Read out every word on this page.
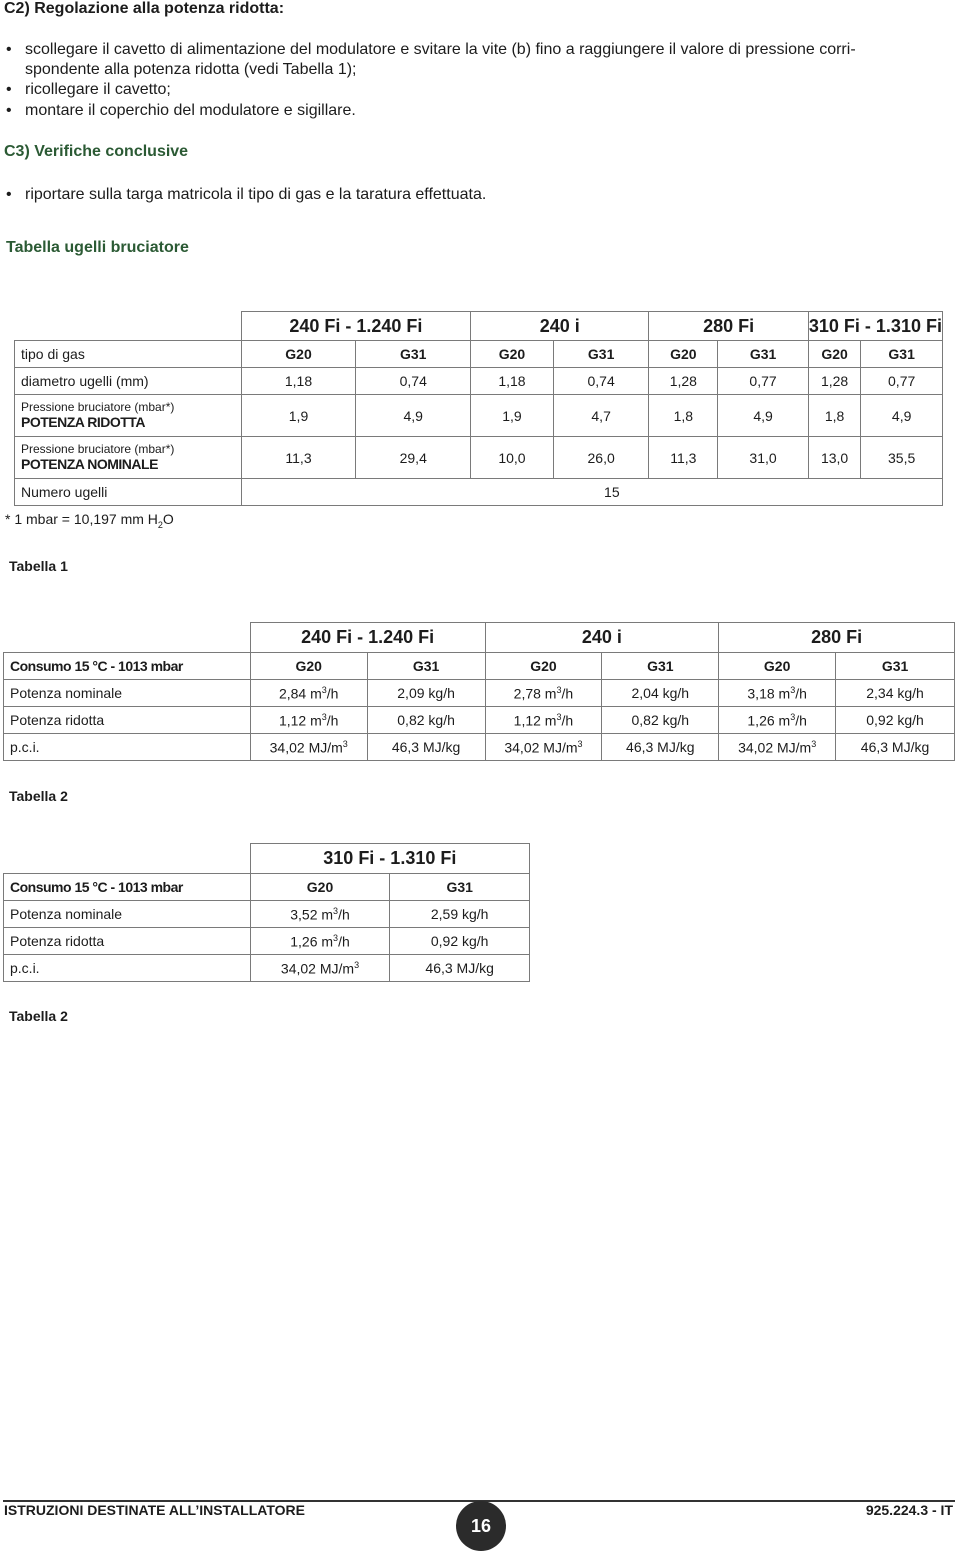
C2) Regolazione alla potenza ridotta:
• scollegare il cavetto di alimentazione del modulatore e svitare la vite (b) fino a raggiungere il valore di pressione corri-
spondente alla potenza ridotta (vedi Tabella 1);
• ricollegare il cavetto;
• montare il coperchio del modulatore e sigillare.
C3) Verifiche conclusive
• riportare sulla targa matricola il tipo di gas e la taratura effettuata.
Tabella ugelli bruciatore
	240 Fi - 1.240 Fi		240 i		280 Fi		310 Fi - 1.310 Fi	
tipo di gas	G20	G31	G20	G31	G20	G31	G20	G31
diametro ugelli (mm)	1,18	0,74	1,18	0,74	1,28	0,77	1,28	0,77

Pressione bruciatore (mbar*)
POTENZA RIDOTTA	1,9	4,9	1,9	4,7	1,8	4,9	1,8	4,9

Pressione bruciatore (mbar*)
POTENZA NOMINALE	11,3	29,4	10,0	26,0	11,3	31,0	13,0	35,5
Numero ugelli	15							
* 1 mbar = 10,197 mm $H_2O$
Tabella 1
	240 Fi - 1.240 Fi		240 i		280 Fi	
Consumo 15 °C - 1013 mbar	G20	G31	G20	G31	G20	G31
Potenza nominale	2,84 $m^3/h$	2,09 kg/h	2,78 $m^3/h$	2,04 kg/h	3,18 $m^3/h$	2,34 kg/h
Potenza ridotta	1,12 $m^3/h$	0,82 kg/h	1,12 $m^3/h$	0,82 kg/h	1,26 $m^3/h$	0,92 kg/h
p.c.i.	34,02 $MJ/m^3$	46,3 MJ/kg	34,02 $MJ/m^3$	46,3 MJ/kg	34,02 $MJ/m^3$	46,3 MJ/kg
Tabella 2
	310 Fi - 1.310 Fi	
Consumo 15 °C - 1013 mbar	G20	G31
Potenza nominale	3,52 $m^3/h$	2,59 kg/h
Potenza ridotta	1,26 $m^3/h$	0,92 kg/h
p.c.i.	34,02 $MJ/m^3$	46,3 MJ/kg
Tabella 2
ISTRUZIONI DESTINATE ALL’INSTALLATORE
16
925.224.3 - IT
